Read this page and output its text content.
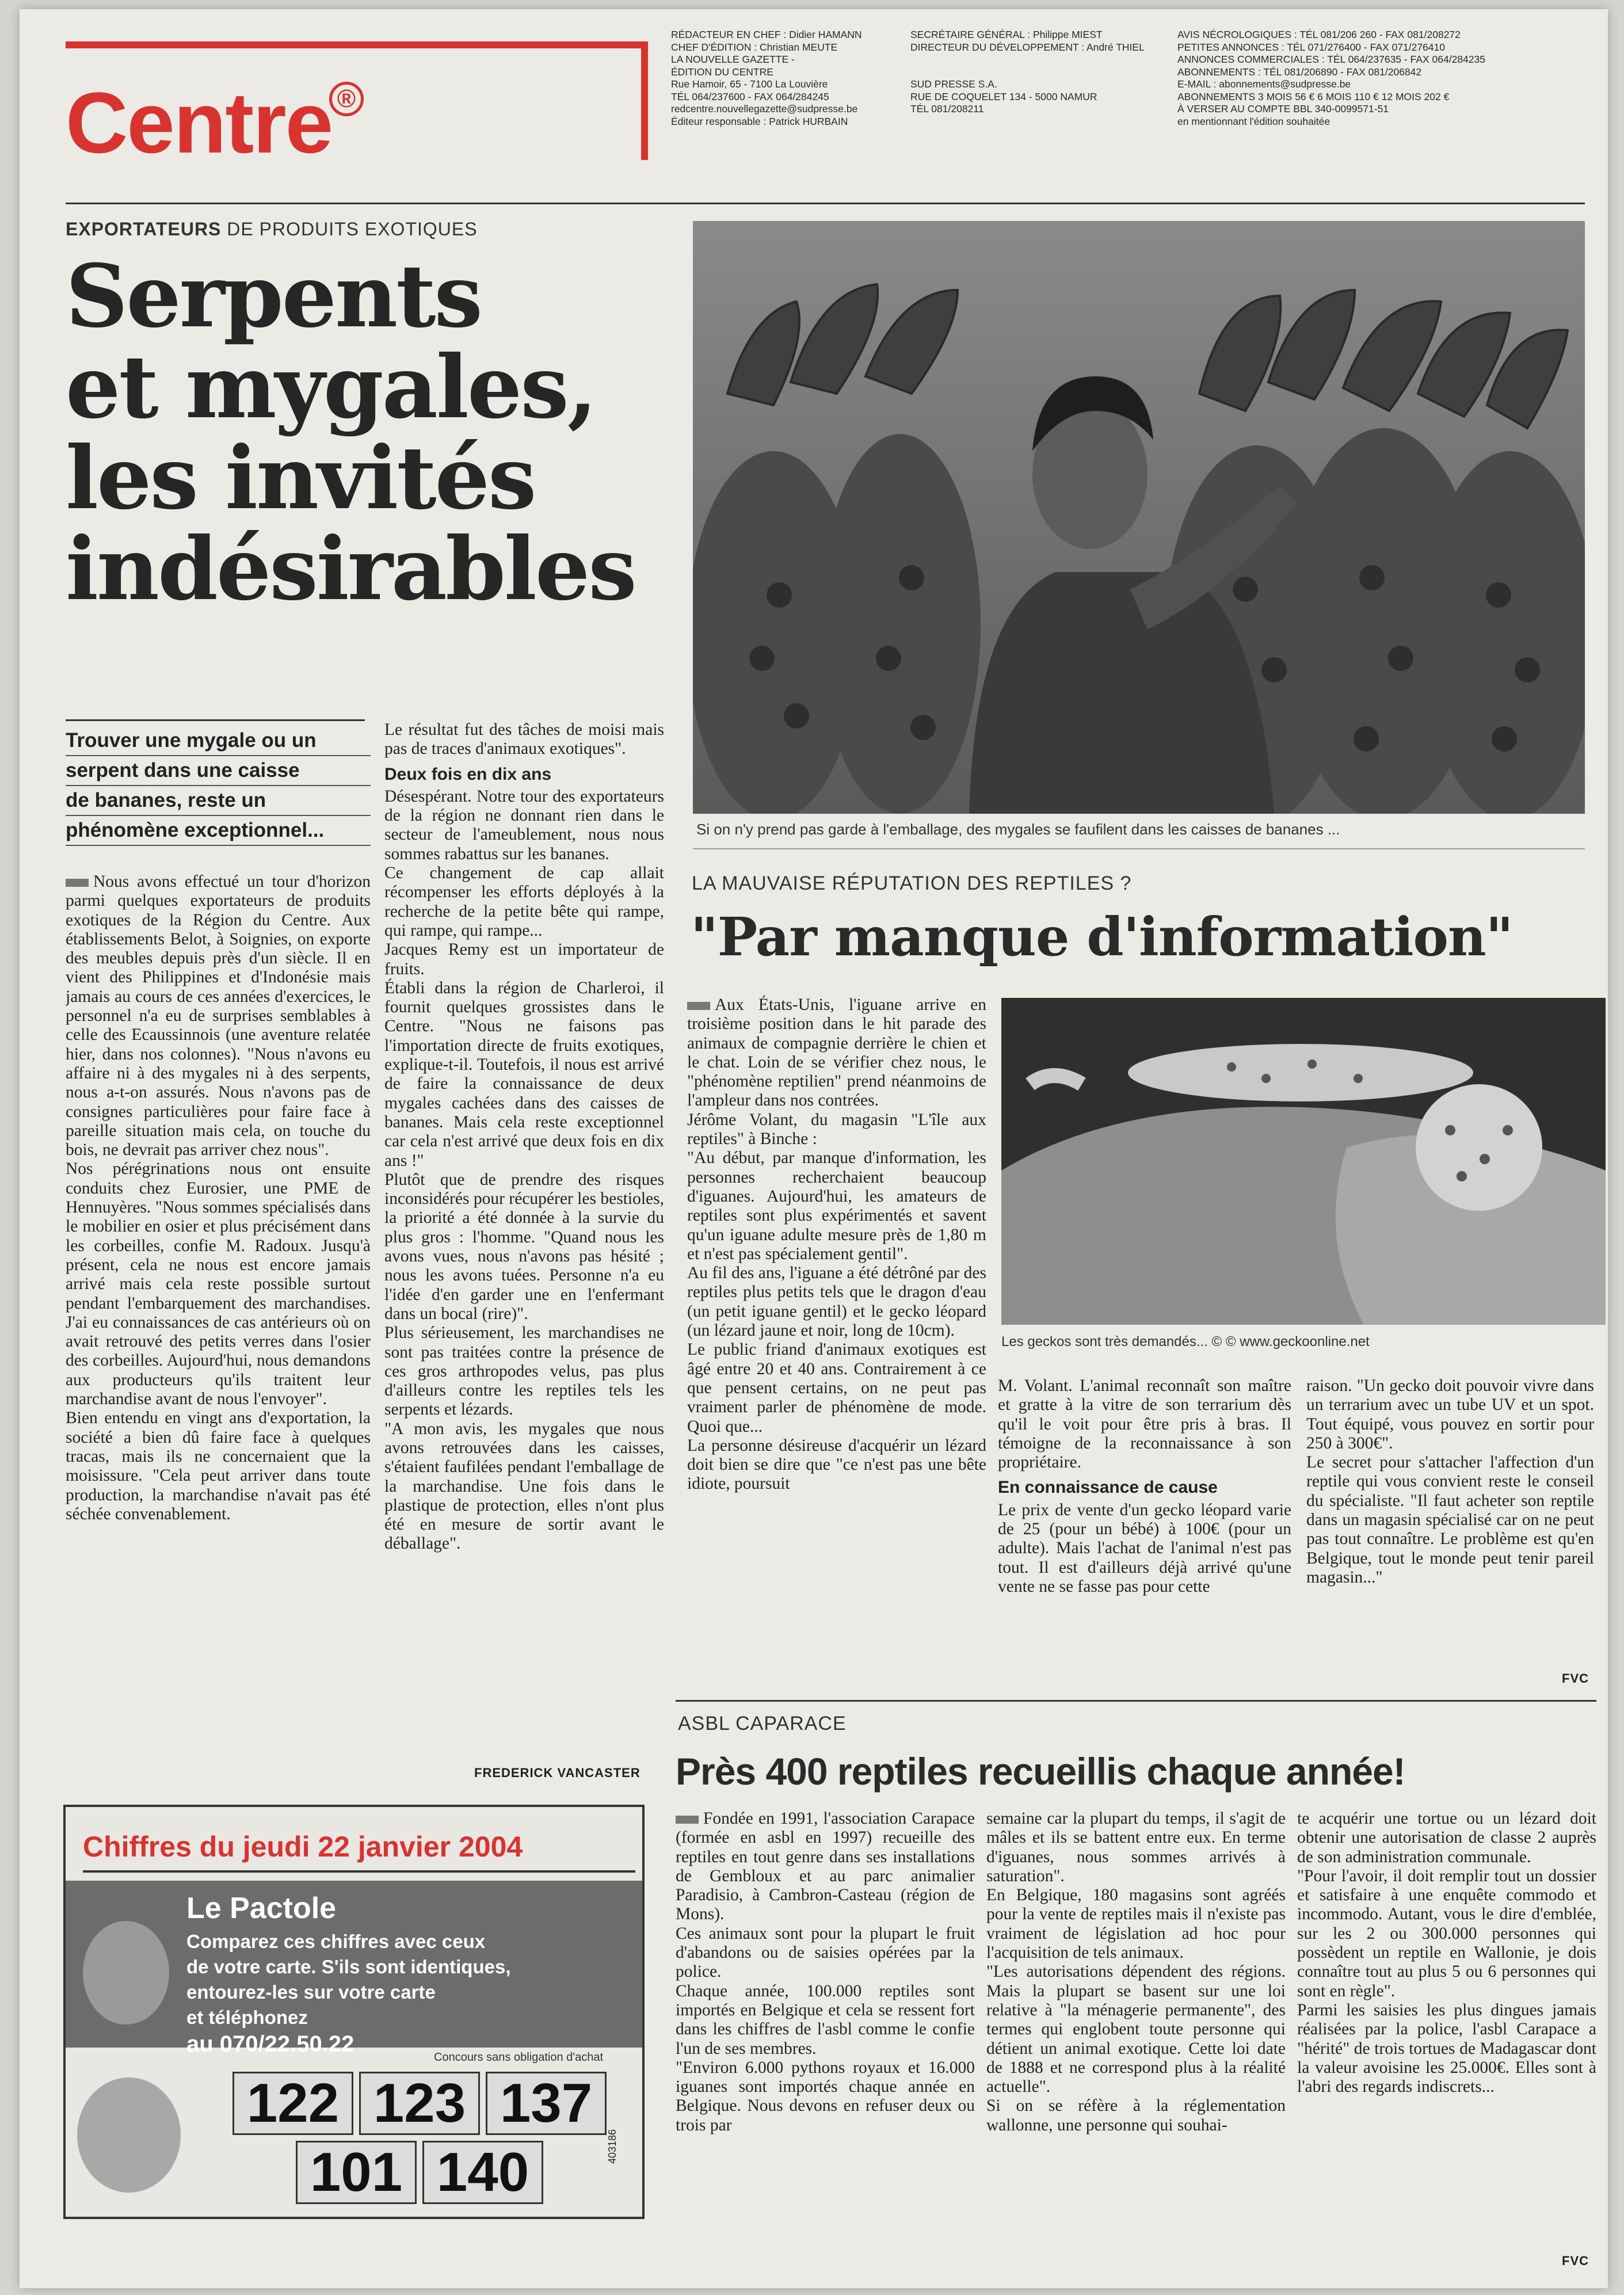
Centre ®
RÉDACTEUR EN CHEF : Didier HAMANN
CHEF D'ÉDITION : Christian MEUTE
LA NOUVELLE GAZETTE -
ÉDITION DU CENTRE
Rue Hamoir, 65 - 7100 La Louvière
TÉL 064/237600 - FAX 064/284245
redcentre.nouvellegazette@sudpresse.be
Éditeur responsable : Patrick HURBAIN
SECRÉTAIRE GÉNÉRAL : Philippe MIEST
DIRECTEUR DU DÉVELOPPEMENT : André THIEL

SUD PRESSE S.A.
RUE DE COQUELET 134 - 5000 NAMUR
TÉL 081/208211
AVIS NÉCROLOGIQUES : TÉL 081/206 260 - FAX 081/208272
PETITES ANNONCES : TÉL 071/276400 - FAX 071/276410
ANNONCES COMMERCIALES : TÉL 064/237635 - FAX 064/284235
ABONNEMENTS : TÉL 081/206890 - FAX 081/206842
E-MAIL : abonnements@sudpresse.be
ABONNEMENTS 3 MOIS 56 € 6 MOIS 110 € 12 MOIS 202 €
À VERSER AU COMPTE BBL 340-0099571-51
en mentionnant l'édition souhaitée
EXPORTATEURS DE PRODUITS EXOTIQUES
Serpents
et mygales,
les invités
indésirables
Trouver une mygale ou un
serpent dans une caisse
de bananes, reste un
phénomène exceptionnel...
Nous avons effectué un tour d'horizon parmi quelques exportateurs de produits exotiques de la Région du Centre. Aux établissements Belot, à Soignies, on exporte des meubles depuis près d'un siècle. Il en vient des Philippines et d'Indonésie mais jamais au cours de ces années d'exercices, le personnel n'a eu de surprises semblables à celle des Ecaussinnois (une aventure relatée hier, dans nos colonnes). "Nous n'avons eu affaire ni à des mygales ni à des serpents, nous a-t-on assurés. Nous n'avons pas de consignes particulières pour faire face à pareille situation mais cela, on touche du bois, ne devrait pas arriver chez nous".
Nos pérégrinations nous ont ensuite conduits chez Eurosier, une PME de Hennuyères. "Nous sommes spécialisés dans le mobilier en osier et plus précisément dans les corbeilles, confie M. Radoux. Jusqu'à présent, cela ne nous est encore jamais arrivé mais cela reste possible surtout pendant l'embarquement des marchandises. J'ai eu connaissances de cas antérieurs où on avait retrouvé des petits verres dans l'osier des corbeilles. Aujourd'hui, nous demandons aux producteurs qu'ils traitent leur marchandise avant de nous l'envoyer".
Bien entendu en vingt ans d'exportation, la société a bien dû faire face à quelques tracas, mais ils ne concernaient que la moisissure. "Cela peut arriver dans toute production, la marchandise n'avait pas été séchée convenablement.

Le résultat fut des tâches de moisi mais pas de traces d'animaux exotiques".

Deux fois en dix ans

Désespérant. Notre tour des exportateurs de la région ne donnant rien dans le secteur de l'ameublement, nous nous sommes rabattus sur les bananes.
Ce changement de cap allait récompenser les efforts déployés à la recherche de la petite bête qui rampe, qui rampe, qui rampe...
Jacques Remy est un importateur de fruits.
Établi dans la région de Charleroi, il fournit quelques grossistes dans le Centre. "Nous ne faisons pas l'importation directe de fruits exotiques, explique-t-il. Toutefois, il nous est arrivé de faire la connaissance de deux mygales cachées dans des caisses de bananes. Mais cela reste exceptionnel car cela n'est arrivé que deux fois en dix ans !"
Plutôt que de prendre des risques inconsidérés pour récupérer les bestioles, la priorité a été donnée à la survie du plus gros : l'homme. "Quand nous les avons vues, nous n'avons pas hésité ; nous les avons tuées. Personne n'a eu l'idée d'en garder une en l'enfermant dans un bocal (rire)".
Plus sérieusement, les marchandises ne sont pas traitées contre la présence de ces gros arthropodes velus, pas plus d'ailleurs contre les reptiles tels les serpents et lézards.
"A mon avis, les mygales que nous avons retrouvées dans les caisses, s'étaient faufilées pendant l'emballage de la marchandise. Une fois dans le plastique de protection, elles n'ont plus été en mesure de sortir avant le déballage".

FREDERICK VANCASTER
Si on n'y prend pas garde à l'emballage, des mygales se faufilent dans les caisses de bananes ...
LA MAUVAISE RÉPUTATION DES REPTILES ?
"Par manque d'information"
Aux États-Unis, l'iguane arrive en troisième position dans le hit parade des animaux de compagnie derrière le chien et le chat. Loin de se vérifier chez nous, le "phénomène reptilien" prend néanmoins de l'ampleur dans nos contrées.
Jérôme Volant, du magasin "L'île aux reptiles" à Binche :
"Au début, par manque d'information, les personnes recherchaient beaucoup d'iguanes. Aujourd'hui, les amateurs de reptiles sont plus expérimentés et savent qu'un iguane adulte mesure près de 1,80 m et n'est pas spécialement gentil".
Au fil des ans, l'iguane a été détrôné par des reptiles plus petits tels que le dragon d'eau (un petit iguane gentil) et le gecko léopard (un lézard jaune et noir, long de 10cm).
Le public friand d'animaux exotiques est âgé entre 20 et 40 ans. Contrairement à ce que pensent certains, on ne peut pas vraiment parler de phénomène de mode. Quoi que...
La personne désireuse d'acquérir un lézard doit bien se dire que "ce n'est pas une bête idiote, poursuit
Les geckos sont très demandés... © © www.geckoonline.net

M. Volant. L'animal reconnaît son maître et gratte à la vitre de son terrarium dès qu'il le voit pour être pris à bras. Il témoigne de la reconnaissance à son propriétaire.

En connaissance de cause

Le prix de vente d'un gecko léopard varie de 25 (pour un bébé) à 100€ (pour un adulte). Mais l'achat de l'animal n'est pas tout. Il est d'ailleurs déjà arrivé qu'une vente ne se fasse pas pour cette

raison. "Un gecko doit pouvoir vivre dans un terrarium avec un tube UV et un spot. Tout équipé, vous pouvez en sortir pour 250 à 300€".
Le secret pour s'attacher l'affection d'un reptile qui vous convient reste le conseil du spécialiste. "Il faut acheter son reptile dans un magasin spécialisé car on ne peut pas tout connaître. Le problème est qu'en Belgique, tout le monde peut tenir pareil magasin..."

FVC
ASBL CAPARACE
Près 400 reptiles recueillis chaque année!
Fondée en 1991, l'association Carapace (formée en asbl en 1997) recueille des reptiles en tout genre dans ses installations de Gembloux et au parc animalier Paradisio, à Cambron-Casteau (région de Mons).
Ces animaux sont pour la plupart le fruit d'abandons ou de saisies opérées par la police.
Chaque année, 100.000 reptiles sont importés en Belgique et cela se ressent fort dans les chiffres de l'asbl comme le confie l'un de ses membres.
"Environ 6.000 pythons royaux et 16.000 iguanes sont importés chaque année en Belgique. Nous devons en refuser deux ou trois par

semaine car la plupart du temps, il s'agit de mâles et ils se battent entre eux. En terme d'iguanes, nous sommes arrivés à saturation".
En Belgique, 180 magasins sont agréés pour la vente de reptiles mais il n'existe pas vraiment de législation ad hoc pour l'acquisition de tels animaux.
"Les autorisations dépendent des régions. Mais la plupart se basent sur une loi relative à "la ménagerie permanente", des termes qui englobent toute personne qui détient un animal exotique. Cette loi date de 1888 et ne correspond plus à la réalité actuelle".
Si on se réfère à la réglementation wallonne, une personne qui souhai-

te acquérir une tortue ou un lézard doit obtenir une autorisation de classe 2 auprès de son administration communale.
"Pour l'avoir, il doit remplir tout un dossier et satisfaire à une enquête commodo et incommodo. Autant, vous le dire d'emblée, sur les 2 ou 300.000 personnes qui possèdent un reptile en Wallonie, je dois connaître tout au plus 5 ou 6 personnes qui sont en règle".
Parmi les saisies les plus dingues jamais réalisées par la police, l'asbl Carapace a "hérité" de trois tortues de Madagascar dont la valeur avoisine les 25.000€. Elles sont à l'abri des regards indiscrets...

FVC
Chiffres du jeudi 22 janvier 2004
Le Pactole
Comparez ces chiffres avec ceux
de votre carte. S'ils sont identiques,
entourez-les sur votre carte
et téléphonez
au 070/22.50.22
Concours sans obligation d'achat
122 123 137
101 140	403186
